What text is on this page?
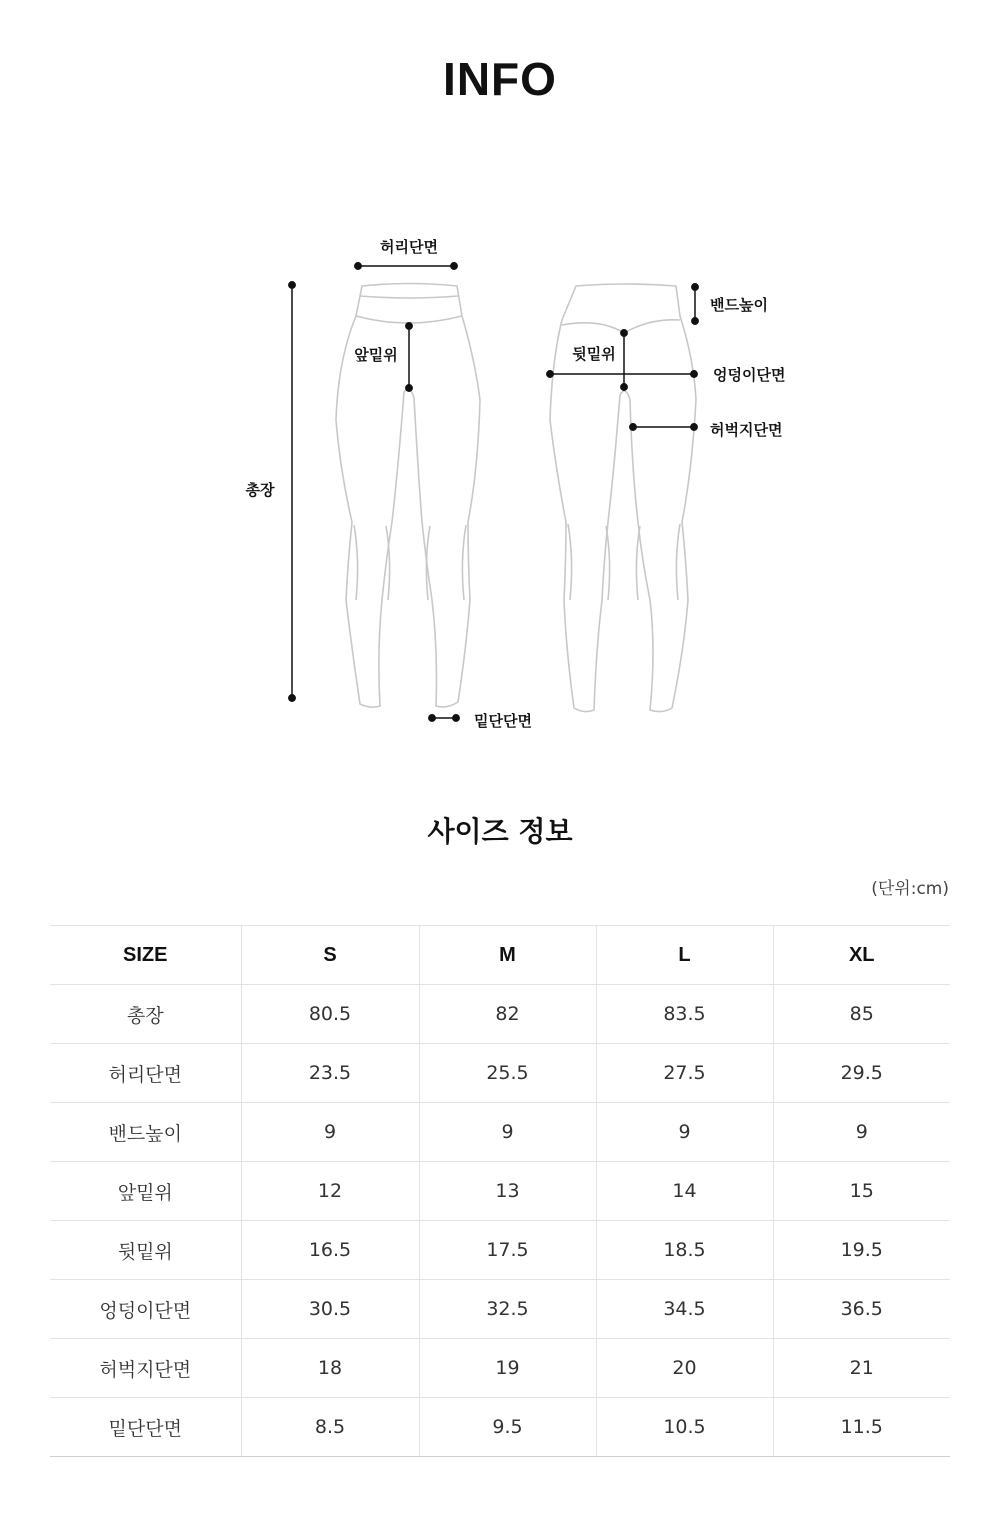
INFO
허리단면
앞밑위
총장
밑단단면
밴드높이
뒷밑위
엉덩이단면
허벅지단면
사이즈 정보
(단위:cm)
SIZE	S	M	L	XL
총장	80.5	82	83.5	85
허리단면	23.5	25.5	27.5	29.5
밴드높이	9	9	9	9
앞밑위	12	13	14	15
뒷밑위	16.5	17.5	18.5	19.5
엉덩이단면	30.5	32.5	34.5	36.5
허벅지단면	18	19	20	21
밑단단면	8.5	9.5	10.5	11.5
